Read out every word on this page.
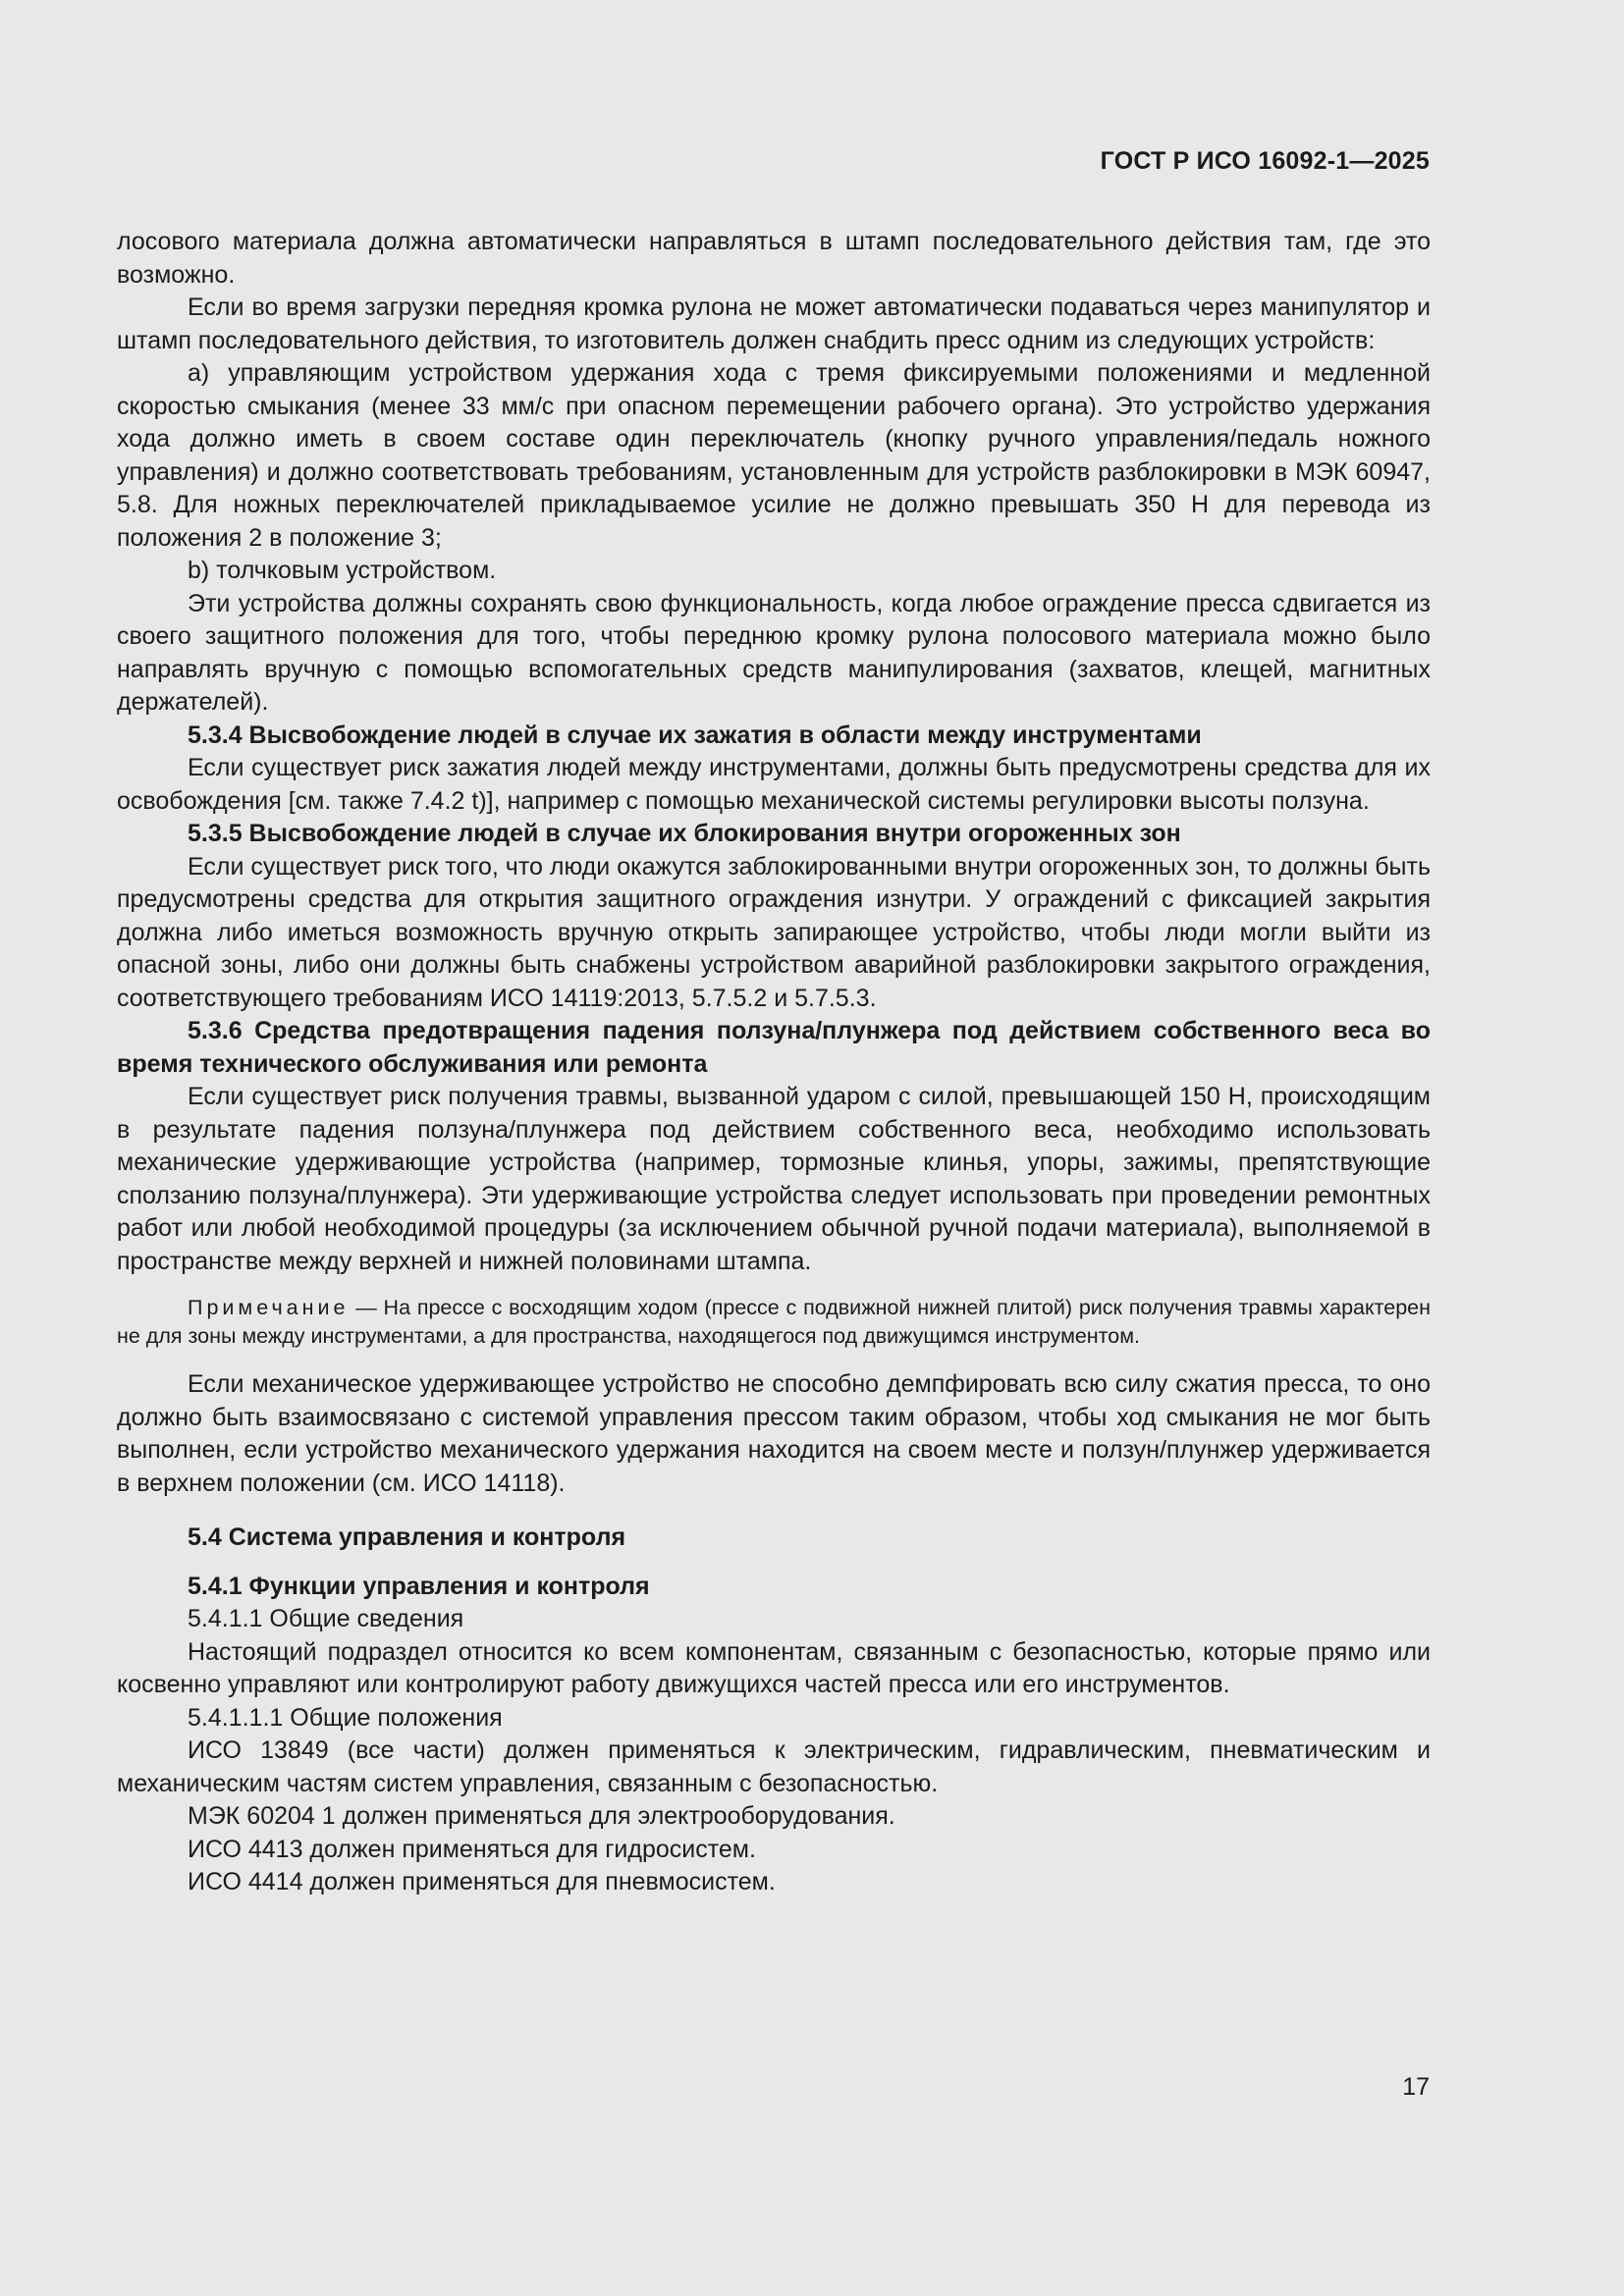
ГОСТ Р ИСО 16092-1—2025

лосового материала должна автоматически направляться в штамп последовательного действия там, где это возможно.

Если во время загрузки передняя кромка рулона не может автоматически подаваться через манипулятор и штамп последовательного действия, то изготовитель должен снабдить пресс одним из следующих устройств:

a) управляющим устройством удержания хода с тремя фиксируемыми положениями и медленной скоростью смыкания (менее 33 мм/с при опасном перемещении рабочего органа). Это устройство удержания хода должно иметь в своем составе один переключатель (кнопку ручного управления/педаль ножного управления) и должно соответствовать требованиям, установленным для устройств разблокировки в МЭК 60947, 5.8. Для ножных переключателей прикладываемое усилие не должно превышать 350 Н для перевода из положения 2 в положение 3;

b) толчковым устройством.

Эти устройства должны сохранять свою функциональность, когда любое ограждение пресса сдвигается из своего защитного положения для того, чтобы переднюю кромку рулона полосового материала можно было направлять вручную с помощью вспомогательных средств манипулирования (захватов, клещей, магнитных держателей).

5.3.4 Высвобождение людей в случае их зажатия в области между инструментами

Если существует риск зажатия людей между инструментами, должны быть предусмотрены средства для их освобождения [см. также 7.4.2 t)], например с помощью механической системы регулировки высоты ползуна.

5.3.5 Высвобождение людей в случае их блокирования внутри огороженных зон

Если существует риск того, что люди окажутся заблокированными внутри огороженных зон, то должны быть предусмотрены средства для открытия защитного ограждения изнутри. У ограждений с фиксацией закрытия должна либо иметься возможность вручную открыть запирающее устройство, чтобы люди могли выйти из опасной зоны, либо они должны быть снабжены устройством аварийной разблокировки закрытого ограждения, соответствующего требованиям ИСО 14119:2013, 5.7.5.2 и 5.7.5.3.

5.3.6 Средства предотвращения падения ползуна/плунжера под действием собственного веса во время технического обслуживания или ремонта

Если существует риск получения травмы, вызванной ударом с силой, превышающей 150 Н, происходящим в результате падения ползуна/плунжера под действием собственного веса, необходимо использовать механические удерживающие устройства (например, тормозные клинья, упоры, зажимы, препятствующие сползанию ползуна/плунжера). Эти удерживающие устройства следует использовать при проведении ремонтных работ или любой необходимой процедуры (за исключением обычной ручной подачи материала), выполняемой в пространстве между верхней и нижней половинами штампа.

Примечание — На прессе с восходящим ходом (прессе с подвижной нижней плитой) риск получения травмы характерен не для зоны между инструментами, а для пространства, находящегося под движущимся инструментом.

Если механическое удерживающее устройство не способно демпфировать всю силу сжатия пресса, то оно должно быть взаимосвязано с системой управления прессом таким образом, чтобы ход смыкания не мог быть выполнен, если устройство механического удержания находится на своем месте и ползун/плунжер удерживается в верхнем положении (см. ИСО 14118).

5.4 Система управления и контроля

5.4.1 Функции управления и контроля

5.4.1.1 Общие сведения

Настоящий подраздел относится ко всем компонентам, связанным с безопасностью, которые прямо или косвенно управляют или контролируют работу движущихся частей пресса или его инструментов.

5.4.1.1.1 Общие положения

ИСО 13849 (все части) должен применяться к электрическим, гидравлическим, пневматическим и механическим частям систем управления, связанным с безопасностью.

МЭК 60204 1 должен применяться для электрооборудования.

ИСО 4413 должен применяться для гидросистем.

ИСО 4414 должен применяться для пневмосистем.

17
